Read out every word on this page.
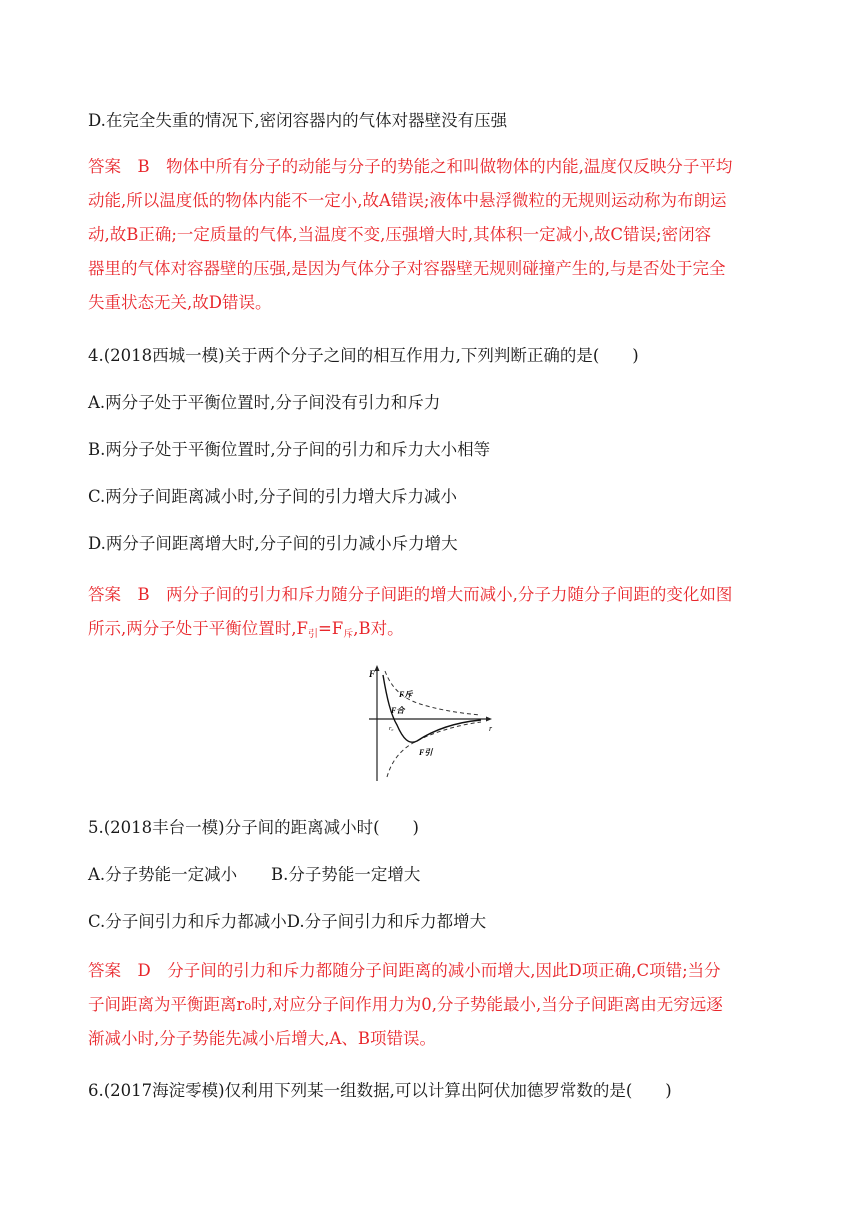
D.在完全失重的情况下,密闭容器内的气体对器壁没有压强
答案　B　物体中所有分子的动能与分子的势能之和叫做物体的内能,温度仅反映分子平均
动能,所以温度低的物体内能不一定小,故A错误;液体中悬浮微粒的无规则运动称为布朗运
动,故B正确;一定质量的气体,当温度不变,压强增大时,其体积一定减小,故C错误;密闭容
器里的气体对容器壁的压强,是因为气体分子对容器壁无规则碰撞产生的,与是否处于完全
失重状态无关,故D错误。
4.(2018西城一模)关于两个分子之间的相互作用力,下列判断正确的是(　　)
A.两分子处于平衡位置时,分子间没有引力和斥力
B.两分子处于平衡位置时,分子间的引力和斥力大小相等
C.两分子间距离减小时,分子间的引力增大斥力减小
D.两分子间距离增大时,分子间的引力减小斥力增大
答案　B　两分子间的引力和斥力随分子间距的增大而减小,分子力随分子间距的变化如图
所示,两分子处于平衡位置时$,F_引=F_斥,B$对。
F
r
F斥
F合
r₀
F引
5.(2018丰台一模)分子间的距离减小时(　　)
A.分子势能一定减小 B.分子势能一定增大
C.分子间引力和斥力都减小D.分子间引力和斥力都增大
答案　D　分子间的引力和斥力都随分子间距离的减小而增大,因此D项正确,C项错;当分
子间距离为平衡距离r₀时,对应分子间作用力为0,分子势能最小,当分子间距离由无穷远逐
渐减小时,分子势能先减小后增大,A、B项错误。
6.(2017海淀零模)仅利用下列某一组数据,可以计算出阿伏加德罗常数的是(　　)
